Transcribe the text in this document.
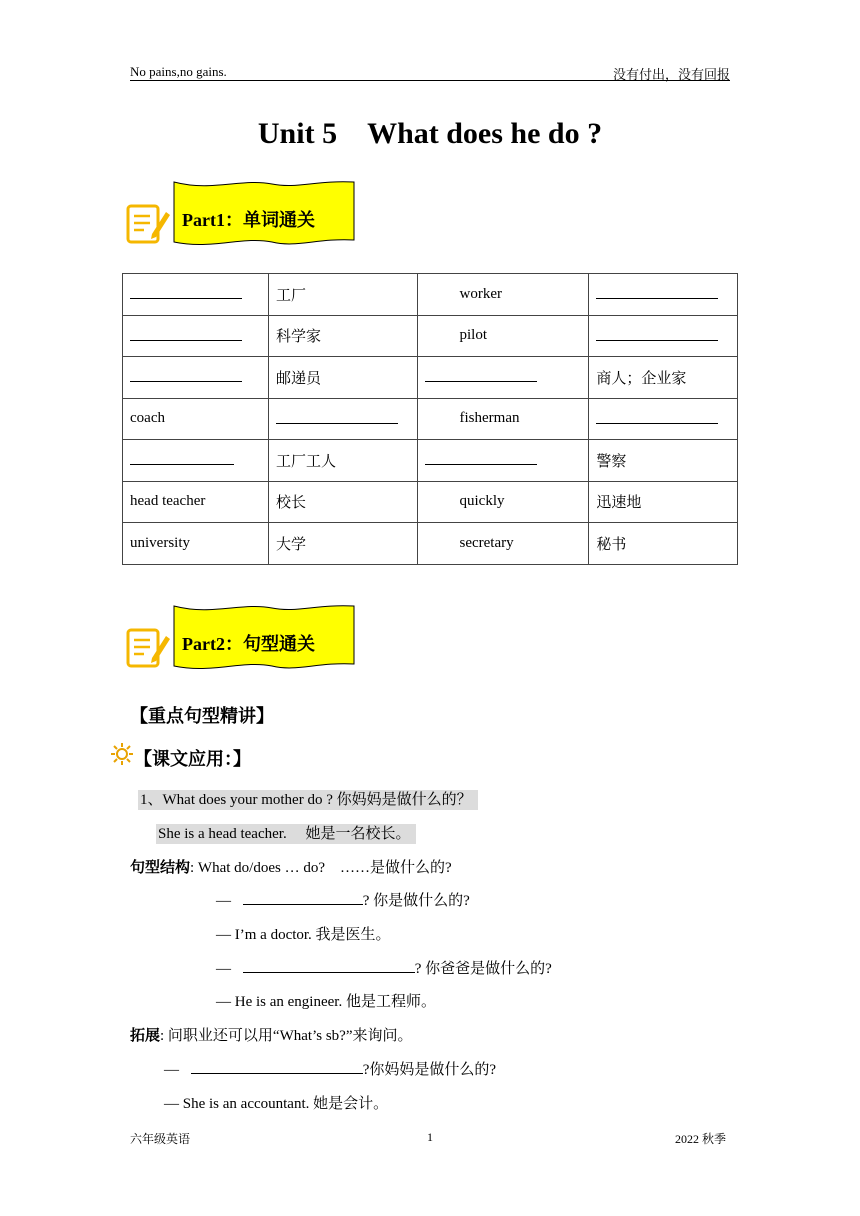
No pains,no gains.	没有付出，没有回报
Unit 5　What does he do ?
Part1：单词通关
	工厂	worker	
	科学家	pilot	
	邮递员		商人；企业家
coach		fisherman	
	工厂工人		警察
head teacher	校长	quickly	迅速地
university	大学	secretary	秘书
Part2：句型通关
【重点句型精讲】
【课文应用：】
1、What does your mother do ? 你妈妈是做什么的？
She is a head teacher.　 她是一名校长。
句型结构: What do/does … do?　……是做什么的?
—	? 你是做什么的?
— I’m a doctor. 我是医生。
—	? 你爸爸是做什么的?
— He is an engineer. 他是工程师。
拓展: 问职业还可以用“What’s sb?”来询问。
—	?你妈妈是做什么的?
— She is an accountant. 她是会计。
六年级英语	1	2022 秋季
